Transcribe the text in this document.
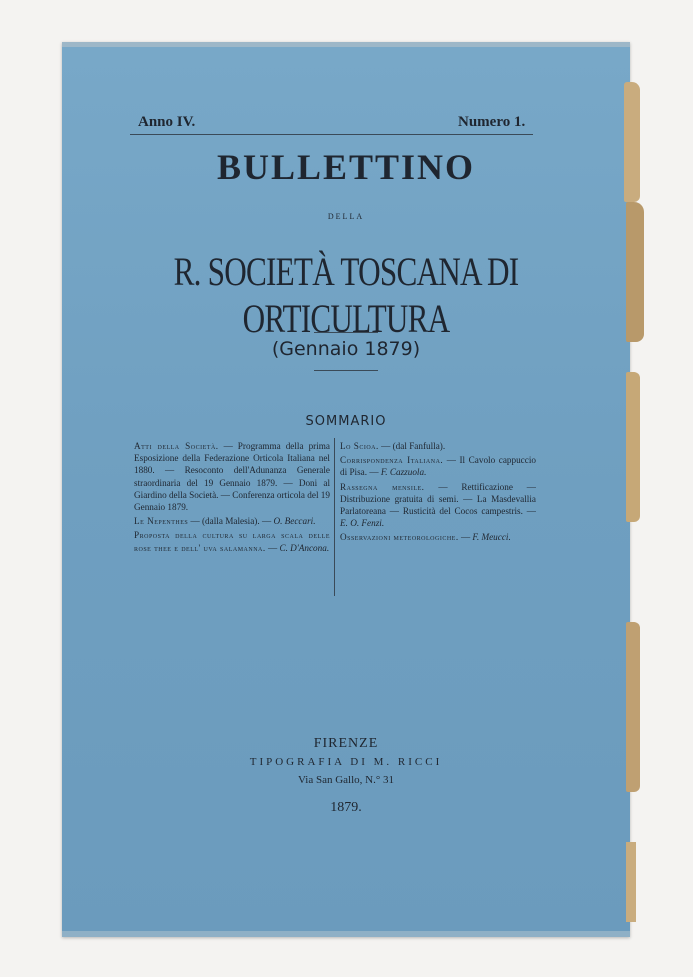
Anno IV.	Numero 1.
BULLETTINO
DELLA
R. SOCIETÀ TOSCANA DI ORTICULTURA
(Gennaio 1879)
SOMMARIO
Atti della Società. — Programma della prima Esposizione della Federazione Orticola Italiana nel 1880. — Resoconto dell'Adunanza Generale straordinaria del 19 Gennaio 1879. — Doni al Giardino della Società. — Conferenza orticola del 19 Gennaio 1879.
Le Nepenthes — (dalla Malesia). — O. Beccari.
Proposta della cultura su larga scala delle rose thee e dell' uva salamanna. — C. D'Ancona.
Lo Scioa. — (dal Fanfulla).
Corrispondenza Italiana. — Il Cavolo cappuccio di Pisa. — F. Cazzuola.
Rassegna mensile. — Rettificazione — Distribuzione gratuita di semi. — La Masdevallia Parlatoreana — Rusticità del Cocos campestris. — E. O. Fenzi.
Osservazioni meteorologiche. — F. Meucci.
FIRENZE
TIPOGRAFIA DI M. RICCI
Via San Gallo, N.° 31
1879.
